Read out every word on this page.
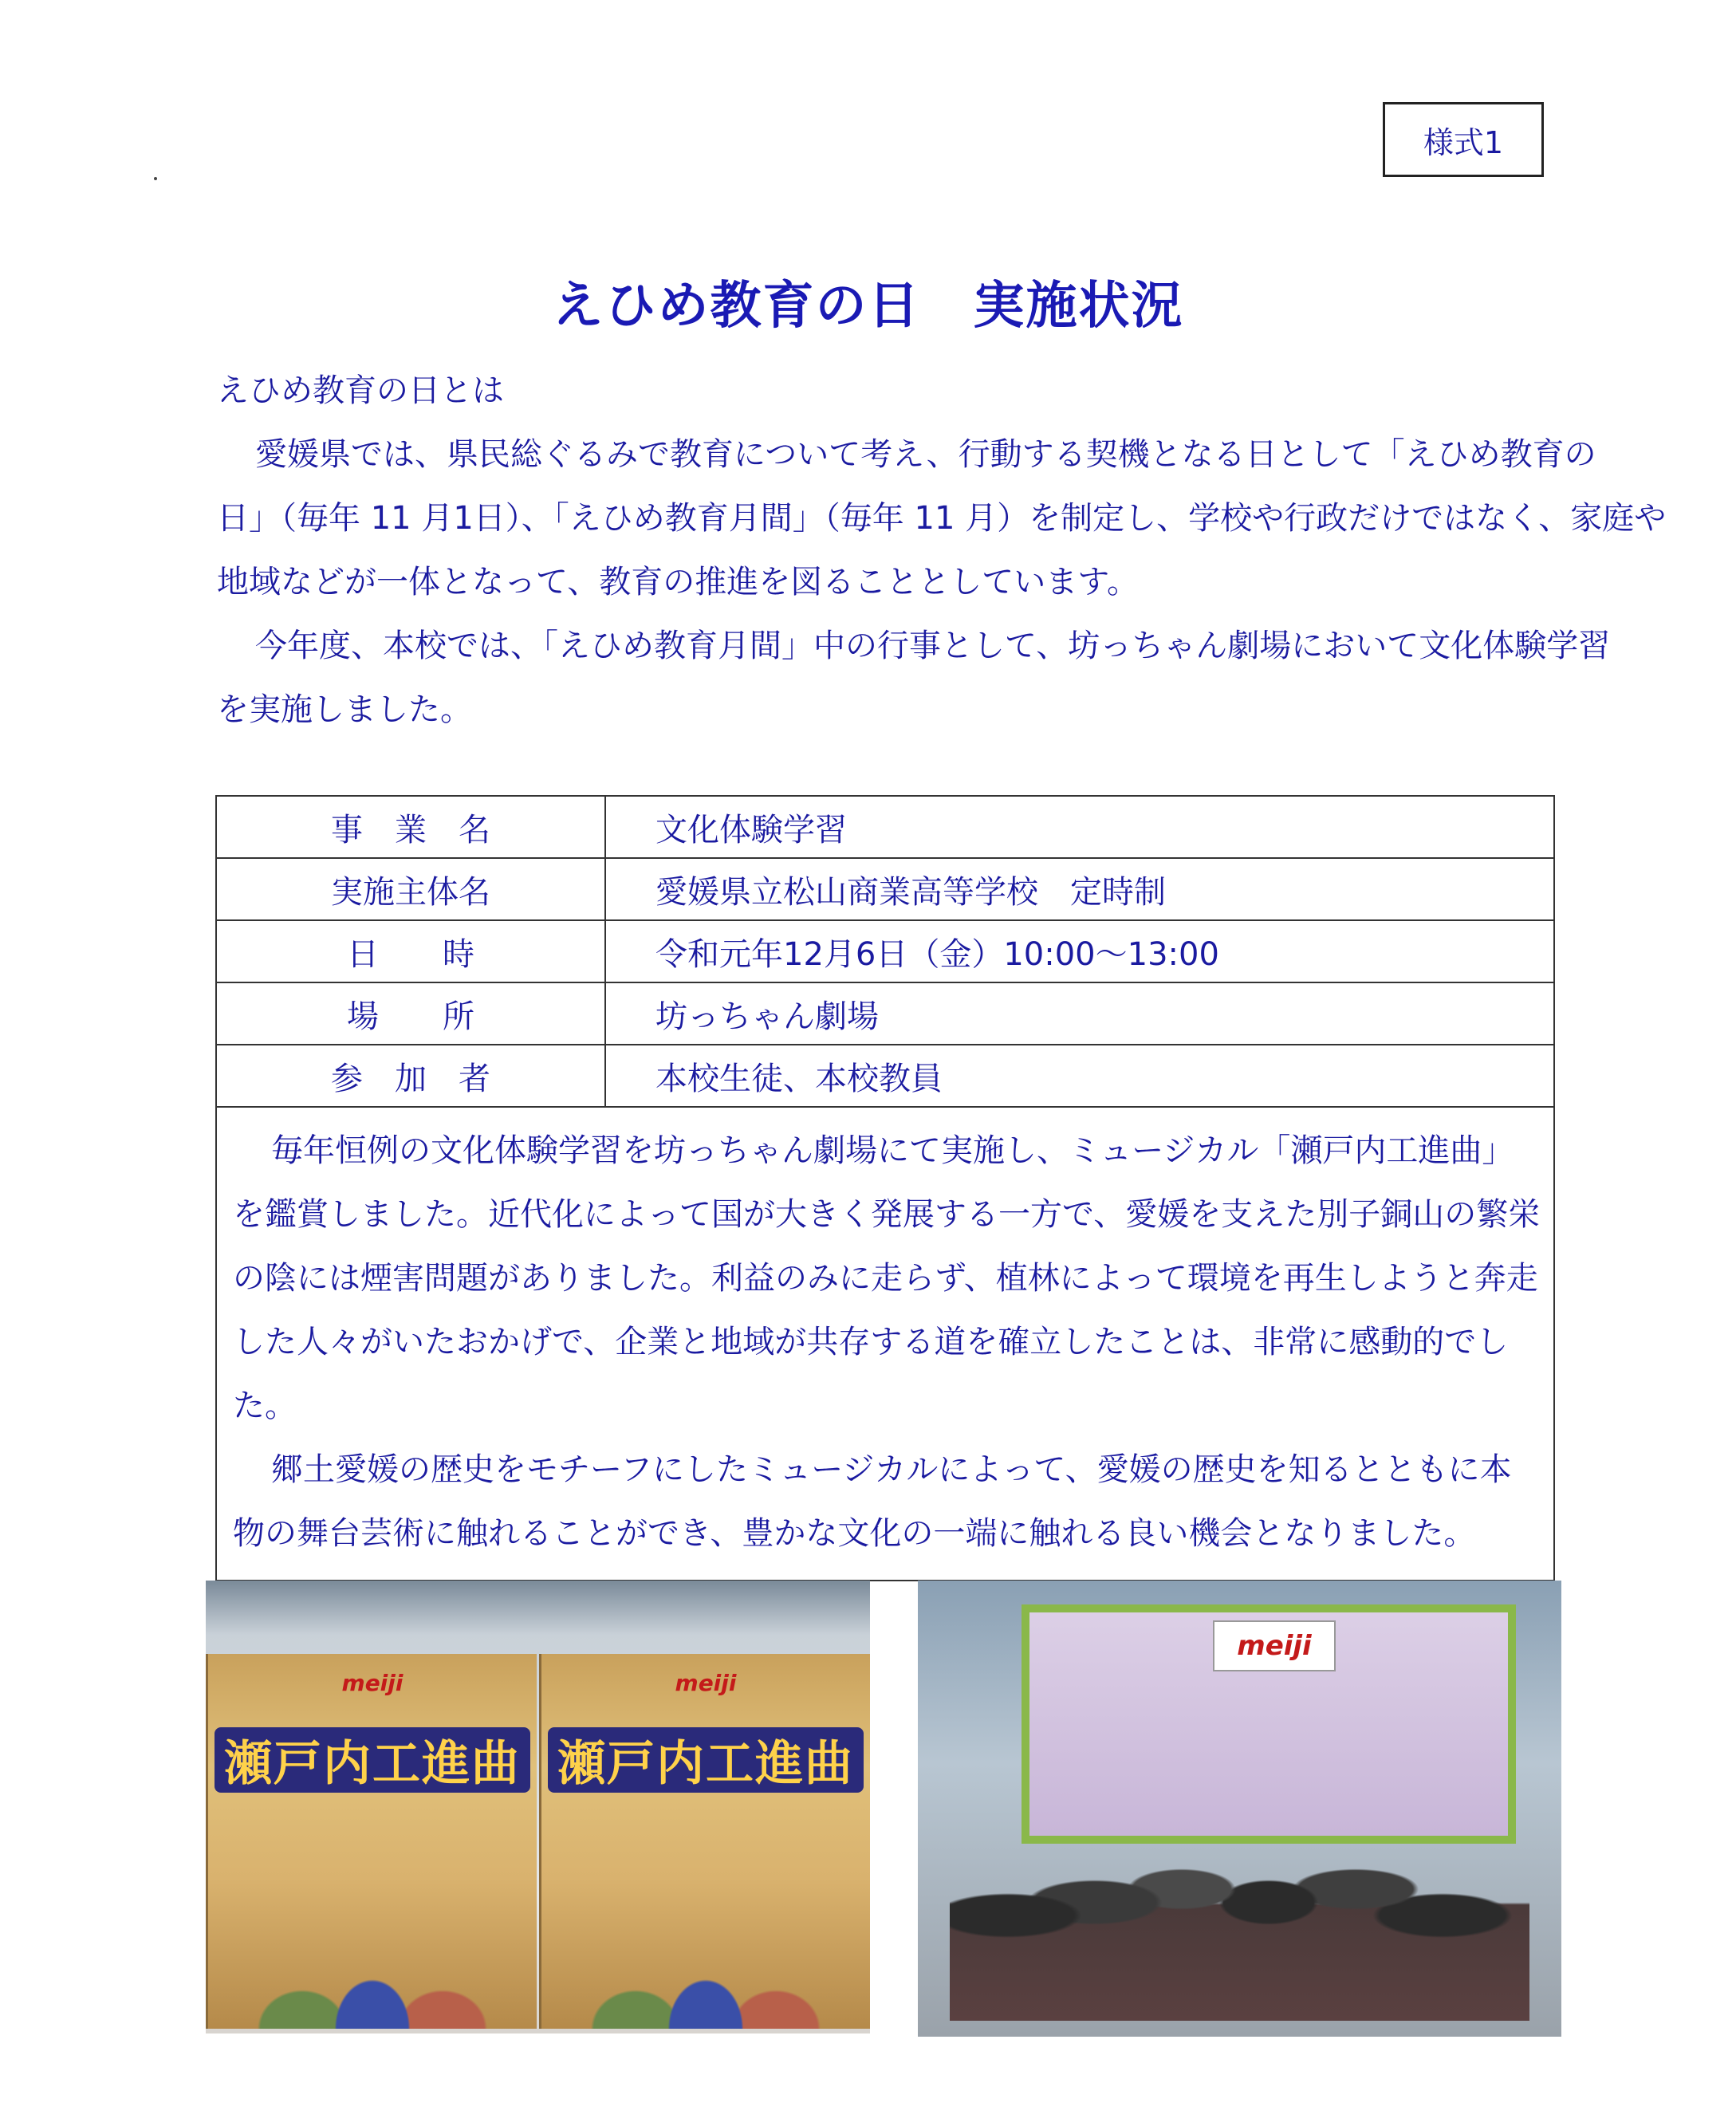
様式1
えひめ教育の日　実施状況

えひめ教育の日とは

愛媛県では、県民総ぐるみで教育について考え、行動する契機となる日として「えひめ教育の

日」（毎年 11 月1日）、「えひめ教育月間」（毎年 11 月）を制定し、学校や行政だけではなく、家庭や

地域などが一体となって、教育の推進を図ることとしています。

今年度、本校では、「えひめ教育月間」中の行事として、坊っちゃん劇場において文化体験学習

を実施しました。

事　業　名	文化体験学習
実施主体名	愛媛県立松山商業高等学校　定時制
日　　時	令和元年12月6日（金）10:00～13:00
場　　所	坊っちゃん劇場
参　加　者	本校生徒、本校教員

毎年恒例の文化体験学習を坊っちゃん劇場にて実施し、ミュージカル「瀬戸内工進曲」を鑑賞しました。近代化によって国が大きく発展する一方で、愛媛を支えた別子銅山の繁栄の陰には煙害問題がありました。利益のみに走らず、植林によって環境を再生しようと奔走した人々がいたおかげで、企業と地域が共存する道を確立したことは、非常に感動的でした。

郷土愛媛の歴史をモチーフにしたミュージカルによって、愛媛の歴史を知るとともに本物の舞台芸術に触れることができ、豊かな文化の一端に触れる良い機会となりました。	

meiji
瀬戸内工進曲
meiji
瀬戸内工進曲
meiji
